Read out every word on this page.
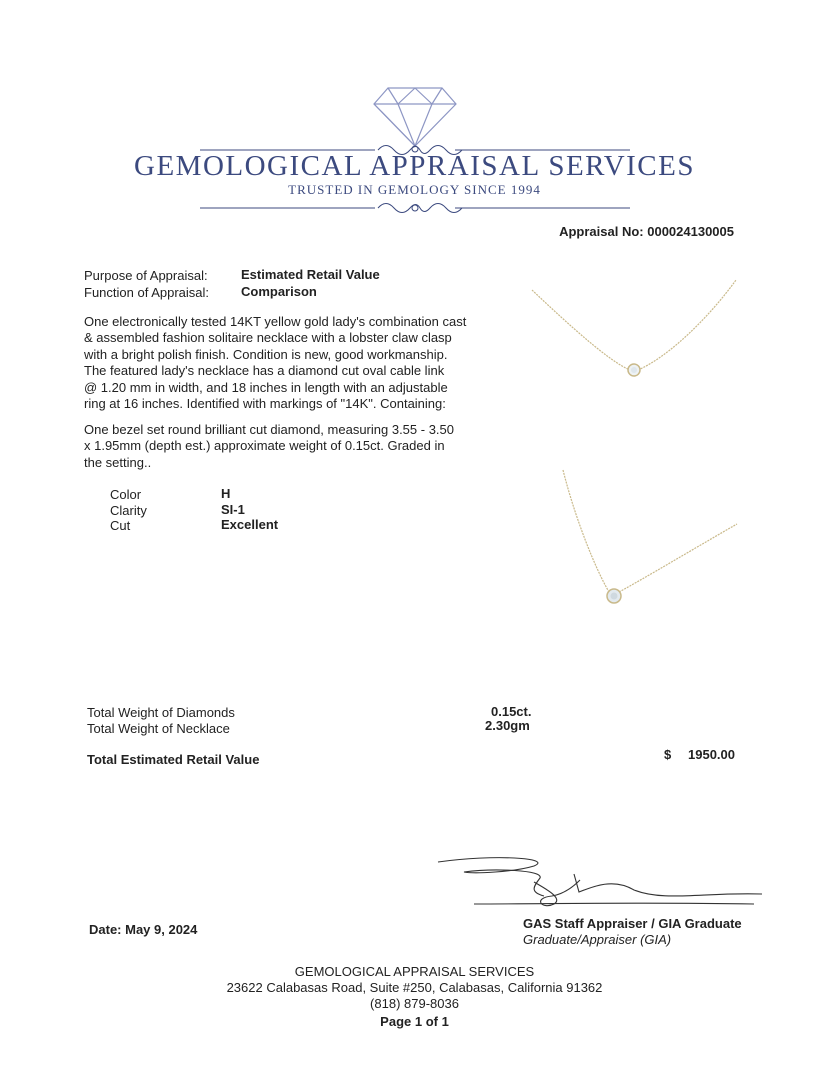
GEMOLOGICAL APPRAISAL SERVICES
TRUSTED IN GEMOLOGY SINCE 1994
Appraisal No: 000024130005
Purpose of Appraisal:	Estimated Retail Value
Function of Appraisal: Comparison
One electronically tested 14KT yellow gold lady's combination cast
& assembled fashion solitaire necklace with a lobster claw clasp
with a bright polish finish. Condition is new, good workmanship.
The featured lady's necklace has a diamond cut oval cable link
@ 1.20 mm in width, and 18 inches in length with an adjustable
ring at 16 inches. Identified with markings of "14K". Containing:
One bezel set round brilliant cut diamond, measuring 3.55 - 3.50
x 1.95mm (depth est.) approximate weight of 0.15ct. Graded in
the setting..
Color	H
Clarity	SI-1
Cut	Excellent
Total Weight of Diamonds	0.15ct.
Total Weight of Necklace	2.30gm
Total Estimated Retail Value	$ 1950.00
Date: May 9, 2024	GAS Staff Appraiser / GIA Graduate
Graduate/Appraiser (GIA)
GEMOLOGICAL APPRAISAL SERVICES
23622 Calabasas Road, Suite #250, Calabasas, California 91362
(818) 879-8036
Page 1 of 1
